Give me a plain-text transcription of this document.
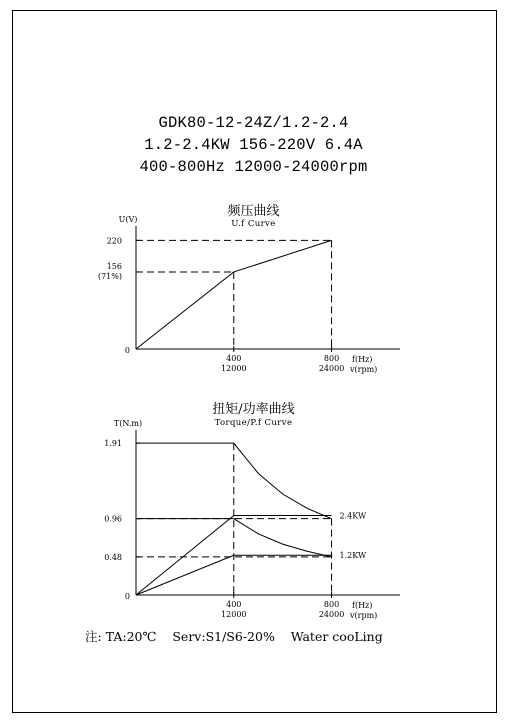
GDK80-12-24Z/1.2-2.4
1.2-2.4KW 156-220V 6.4A
400-800Hz 12000-24000rpm
频压曲线
U.f Curve
扭矩/功率曲线
Torque/P.f Curve
U(V)
f(Hz)
v(rpm)
0
156
(71%)
220
400
12000
800
24000
T(N.m)
f(Hz)
v(rpm)
0
0.48
0.96
1.91
400
12000
800
24000
2.4KW
1.2KW
注: TA:20℃    Serv:S1/S6-20%    Water cooLing
